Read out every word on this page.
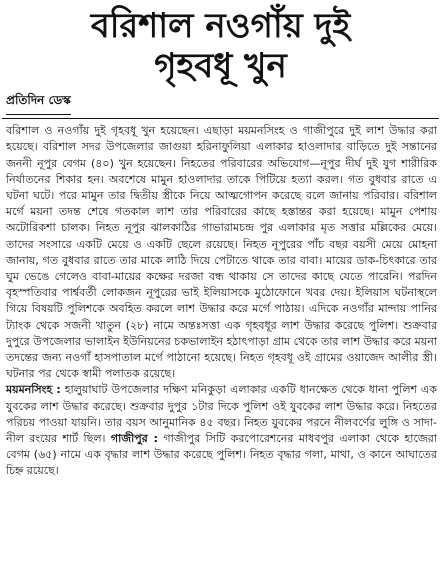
বরিশাল নওগাঁয় দুই
গৃহবধূ খুন
প্রতিদিন ডেস্ক

বরিশাল ও নওগাঁয় দুই গৃহবধূ খুন হয়েছেন। এছাড়া ময়মনসিংহ ও গাজীপুরে দুই লাশ উদ্ধার করা হয়েছে। বরিশাল সদর উপজেলার জাগুয়া হরিনাফুলিয়া এলাকার হাওলাদার বাড়িতে দুই সন্তানের জননী নূপুর বেগম (৪০) খুন হয়েছেন। নিহতের পরিবারের অভিযোগ—নূপুর দীর্ঘ দুই যুগ শারীরিক নির্যাতনের শিকার হন। অবশেষে মামুন হাওলাদার তাকে পিটিয়ে হত্যা করল। গত বুধবার রাতে এ ঘটনা ঘটে। পরে মামুন তার দ্বিতীয় স্ত্রীকে নিয়ে আত্মগোপন করেছে বলে জানায় পরিবার। বরিশাল মর্গে ময়না তদন্ত শেষে গতকাল লাশ তার পরিবারের কাছে হস্তান্তর করা হয়েছে। মামুন পেশায় অটোরিকশা চালক। নিহত নূপুর ঝালকাঠির গাভারামচন্দ্র পুর এলাকার মৃত সত্তার মল্লিকের মেয়ে। তাদের সংসারে একটি মেয়ে ও একটি ছেলে রয়েছে। নিহত নূপুরের পাঁচ বছর বয়সী মেয়ে মোহনা জানায়, গত বুধবার রাতে তার মাকে লাঠি দিয়ে পেটাতে থাকে তার বাবা। মায়ের ডাক-চিৎকারে তার ঘুম ভেঙে গেলেও বাবা-মায়ের কক্ষের দরজা বন্ধ থাকায় সে তাদের কাছে যেতে পারেনি। পরদিন বৃহস্পতিবার পার্শ্ববর্তী লোকজন নূপুরের ভাই ইলিয়াসকে মুঠোফোনে খবর দেয়। ইলিয়াস ঘটনাস্থলে গিয়ে বিষয়টি পুলিশকে অবহিত করলে লাশ উদ্ধার করে মর্গে পাঠায়। এদিকে নওগাঁর মান্দায় পানির ট্যাংক থেকে সজনী খাতুন (২৮) নামে অন্তঃসত্তা এক গৃহবধূর লাশ উদ্ধার করেছে পুলিশ। শুক্রবার দুপুরে উপজেলার ভালাইন ইউনিয়নের চকভালাইন হঠাৎপাড়া গ্রাম থেকে তার লাশ উদ্ধার করে ময়না তদন্তের জন্য নওগাঁ হাসপাতাল মর্গে পাঠানো হয়েছে। নিহত গৃহবধূ ওই গ্রামের ওয়াজেদ আলীর স্ত্রী। ঘটনার পর থেকে স্বামী পলাতক রয়েছে।

ময়মনসিংহ : হালুয়াঘাট উপজেলার দক্ষিণ মনিকুড়া এলাকার একটি ধানক্ষেত থেকে ধানা পুলিশ এক যুবকের লাশ উদ্ধার করেছে। শুক্রবার দুপুর ১টার দিকে পুলিশ ওই যুবকের লাশ উদ্ধার করে। নিহতের পরিচয় পাওয়া যায়নি। তার বয়স আনুমানিক ৪৫ বছর। নিহত যুবকের পরনে নীলবর্ণের লুঙ্গি ও সাদা-নীল রংয়ের শার্ট ছিল। গাজীপুর : গাজীপুর সিটি করপোরেশনের মাধবপুর এলাকা থেকে হাজেরা বেগম (৬৫) নামে এক বৃদ্ধার লাশ উদ্ধার করেছে পুলিশ। নিহত বৃদ্ধার গলা, মাথা, ও কানে আঘাতের চিহ্ন রয়েছে।
